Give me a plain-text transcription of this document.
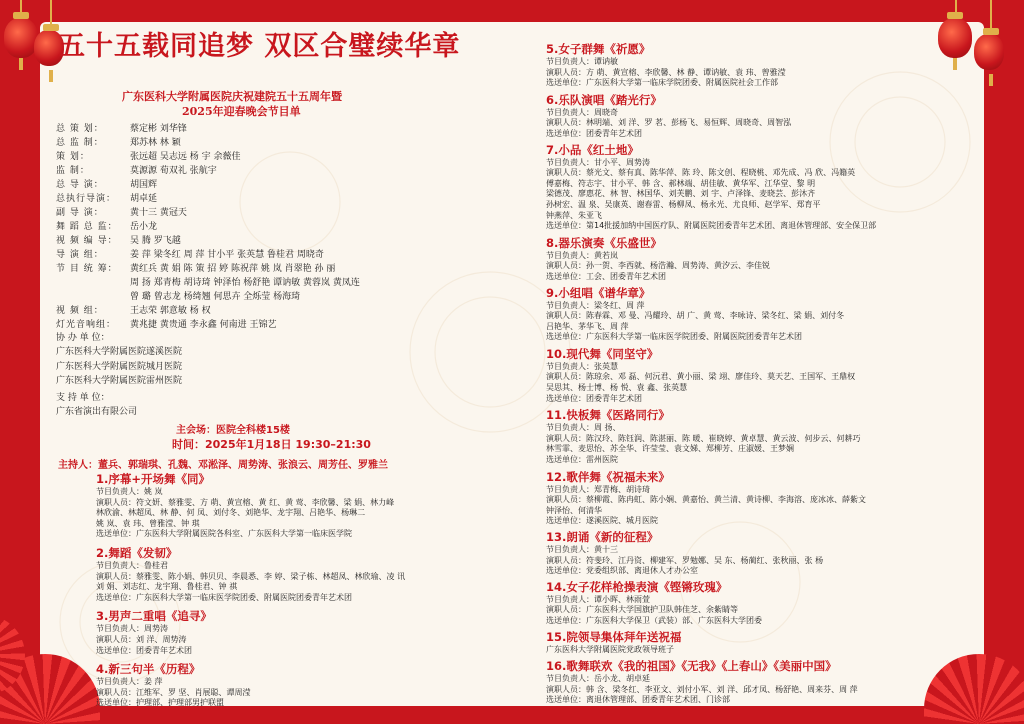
五十五载同追梦 双区合璧续华章
广东医科大学附属医院庆祝建院五十五周年暨
2025年迎春晚会节目单
总 策 划：	蔡定彬 刘华锋
总 监 制：	郑苏林 林 颖
策 划：	张远超 吴志远 杨 宇 余薇佳
监 制：	莫源源 荀双礼 张航宇
总 导 演：	胡国辉
总执行导演：	胡卓延
副 导 演：	黄十三 黄冠天
舞 蹈 总 监：	岳小龙
视 频 编 导：	吴 腾 罗飞越
导 演 组：	姜 萍 梁冬红 周 萍 甘小平 张英慧 鲁桂君 周晓奇
节 目 统 筹：	黄红兵 黄 娟 陈 策 招 婷 陈祝萍 姚 岚 肖翠艳 孙 丽
周 扬 郑青梅 胡诗琦 钟泽怡 杨舒艳 谭讷敏 黄蓉岚 黄凤连
曾 璐 曾志龙 杨绮翘 何思卉 全烁莹 杨海琦
视 频 组：	王志荣 郭意敏 杨 权
灯光音响组：	黄兆捷 黄贵通 李永鑫 何南进 王锦艺
协 办 单 位：
广东医科大学附属医院遂溪医院
广东医科大学附属医院城月医院
广东医科大学附属医院雷州医院
支 持 单 位：
广东省演出有限公司
主会场：医院全科楼15楼
时间：2025年1月18日 19:30–21:30
主持人：董兵、郭瑞琪、孔魏、邓淞泽、周势涛、张浪云、周芳任、罗雅兰
1.序幕+开场舞《同》
节目负责人：姚 岚
演职人员：符文妍、蔡雅雯、方 萌、黄宣榕、黄 红、黄 莺、李欣馨、梁 娟、林力峰
林欣渝、林超凤、林 静、何 凤、刘付冬、刘艳华、龙宇翔、吕艳华、杨琳二
姚 岚、袁 玮、曾雅滢、钟 琪
选送单位：广东医科大学附属医院各科室、广东医科大学第一临床医学院
2.舞蹈《发韧》
节目负责人：鲁桂君
演职人员：蔡雅雯、陈小娟、韩贝贝、李晨悉、李 婷、梁子栋、林超凤、林欣瑜、凌 讯
刘 娟、刘志红、龙宇翔、鲁桂君、钟 祺
选送单位：广东医科大学第一临床医学院团委、附属医院团委青年艺术团
3.男声二重唱《追寻》
节目负责人：周势涛
演职人员：刘 洋、周势涛
选送单位：团委青年艺术团
4.新三句半《历程》
节目负责人：姜 萍
演职人员：江维军、罗 坚、肖展聪、谭周滢
选送单位：护理部、护理部男护联盟
5.女子群舞《祈愿》
节目负责人：谭讷敏
演职人员：方 萌、黄宣榕、李欣馨、林 静、谭讷敏、袁 玮、曾雅滢
选送单位：广东医科大学第一临床学院团委、附属医院社会工作部
6.乐队演唱《踏光行》
节目负责人：周晓奇
演职人员：林明端、刘 洋、罗 茗、彭杨飞、易恒辉、周晓奇、周智泓
选送单位：团委青年艺术团
7.小品《红土地》
节目负责人：甘小平、周势涛
演职人员：蔡光文、蔡有真、陈华萍、陈 玲、陈文创、程晓桃、邓先成、冯 欣、冯籍英
傅嘉梅、符志宇、甘小平、韩 含、郝林端、胡佳敏、黄华军、江华堂、黎 明
梁德茂、廖惠花、林 智、林国华、刘芙鹏、刘 宇、卢泽锋、麦晓芸、彭沐齐
孙树宏、温 泉、吴康英、谢春雷、杨柳凤、杨永光、尤良师、赵学军、郑育平
钟燕萍、朱亚飞
选送单位：第14批援加纳中国医疗队、附属医院团委青年艺术团、离退休管理部、安全保卫部
8.器乐演奏《乐盛世》
节目负责人：黄若岚
演职人员：孙一贺、李西就、杨浩瀚、周势涛、黄汐云、李佳锐
选送单位：工会、团委青年艺术团
9.小组唱《谱华章》
节目负责人：梁冬红、周 萍
演职人员：陈春霖、邓 曼、冯耀玲、胡 广、黄 莺、李咏诗、梁冬红、梁 娟、刘付冬
吕艳华、茅华飞、周 萍
选送单位：广东医科大学第一临床医学院团委、附属医院团委青年艺术团
10.现代舞《同坚守》
节目负责人：张英慧
演职人员：陈琼余、邓 磊、何沅君、黄小丽、梁 翊、廖佳玲、莫天艺、王国军、王鼎权
吴思其、杨士博、杨 悦、袁 鑫、张英慧
选送单位：团委青年艺术团
11.快板舞《医路同行》
节目负责人：周 扬、
演职人员：陈汉玲、陈钰润、陈湛丽、陈 暖、崔晓婷、黄卓慧、黄云波、何步云、何耕巧
林雪霏、麦思怡、苏全华、许莹莹、袁文娣、郑柳芳、庄淑媛、王梦娴
选送单位：雷州医院
12.歌伴舞《祝福未来》
节目负责人：郑青梅、胡诗琦
演职人员：蔡柳霞、陈冉虹、陈小娴、黄嘉怡、黄兰清、黄诗柳、李海溶、庞冰冰、薛紫文
钟泽怡、何清华
选送单位：遂溪医院、城月医院
13.朗诵《新的征程》
节目负责人：黄十三
演职人员：符斐玲、江丹资、柳建军、罗勉娜、吴 东、杨蔺红、张秋丽、张 杨
选送单位：党委组织部、离退休人才办公室
14.女子花样枪操表演《铿锵玫瑰》
节目负责人：谭小晖、林雨萱
演职人员：广东医科大学国旗护卫队韩佳芝、余紫睛等
选送单位：广东医科大学保卫（武装）部、广东医科大学团委
15.院领导集体拜年送祝福
广东医科大学附属医院党政领导班子
16.歌舞联欢《我的祖国》《无我》《上春山》《美丽中国》
节目负责人：岳小龙、胡卓延
演职人员：韩 含、梁冬红、李亚文、刘付小军、刘 洋、邱才凤、杨舒艳、周来芬、周 萍
选送单位：离退休管理部、团委青年艺术团、门诊部
